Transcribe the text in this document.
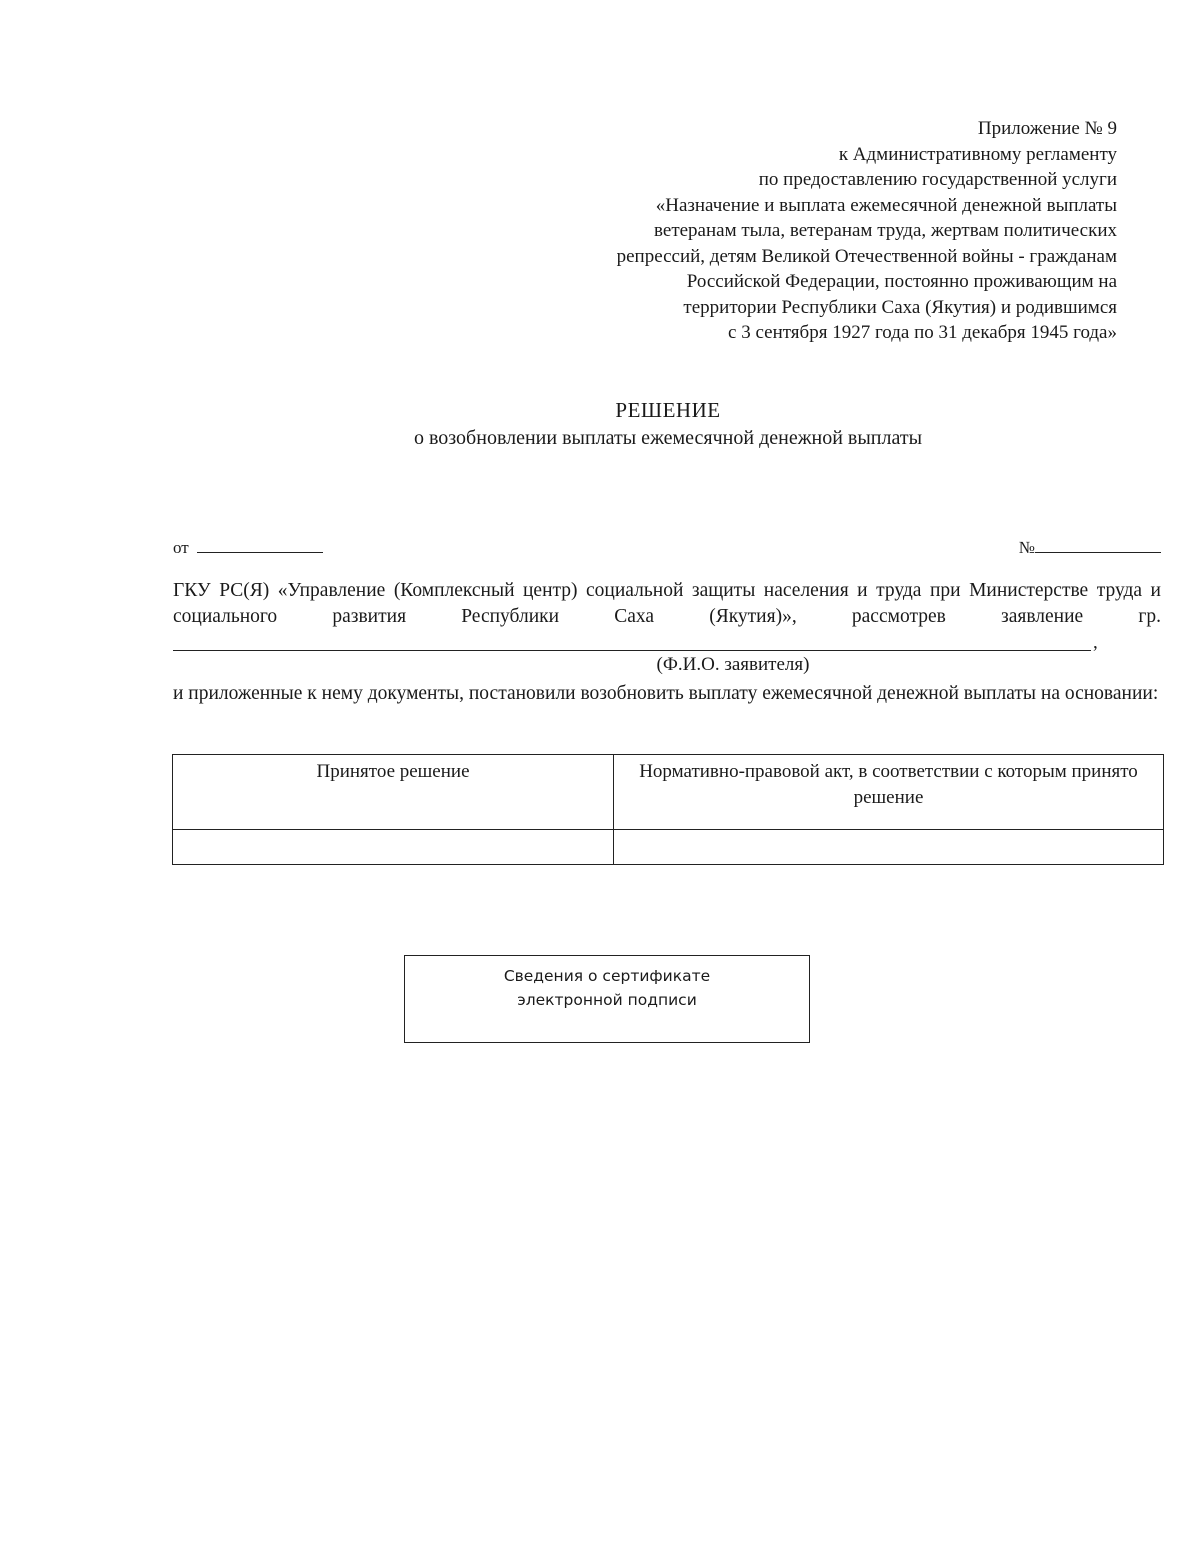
Приложение № 9
к Административному регламенту
по предоставлению государственной услуги
«Назначение и выплата ежемесячной денежной выплаты
ветеранам тыла, ветеранам труда, жертвам политических
репрессий, детям Великой Отечественной войны - гражданам
Российской Федерации, постоянно проживающим на
территории Республики Саха (Якутия) и родившимся
с 3 сентября 1927 года по 31 декабря 1945 года»
РЕШЕНИЕ
о возобновлении выплаты ежемесячной денежной выплаты
от	№
ГКУ РС(Я) «Управление (Комплексный центр) социальной защиты населения и труда при Министерстве труда и социального развития Республики Саха (Якутия)», рассмотрев заявление гр.
,
(Ф.И.О. заявителя)
и приложенные к нему документы, постановили возобновить выплату ежемесячной денежной выплаты на основании:
Принятое решение	Нормативно-правовой акт, в соответствии с которым принято решение

Сведения о сертификате
электронной подписи
